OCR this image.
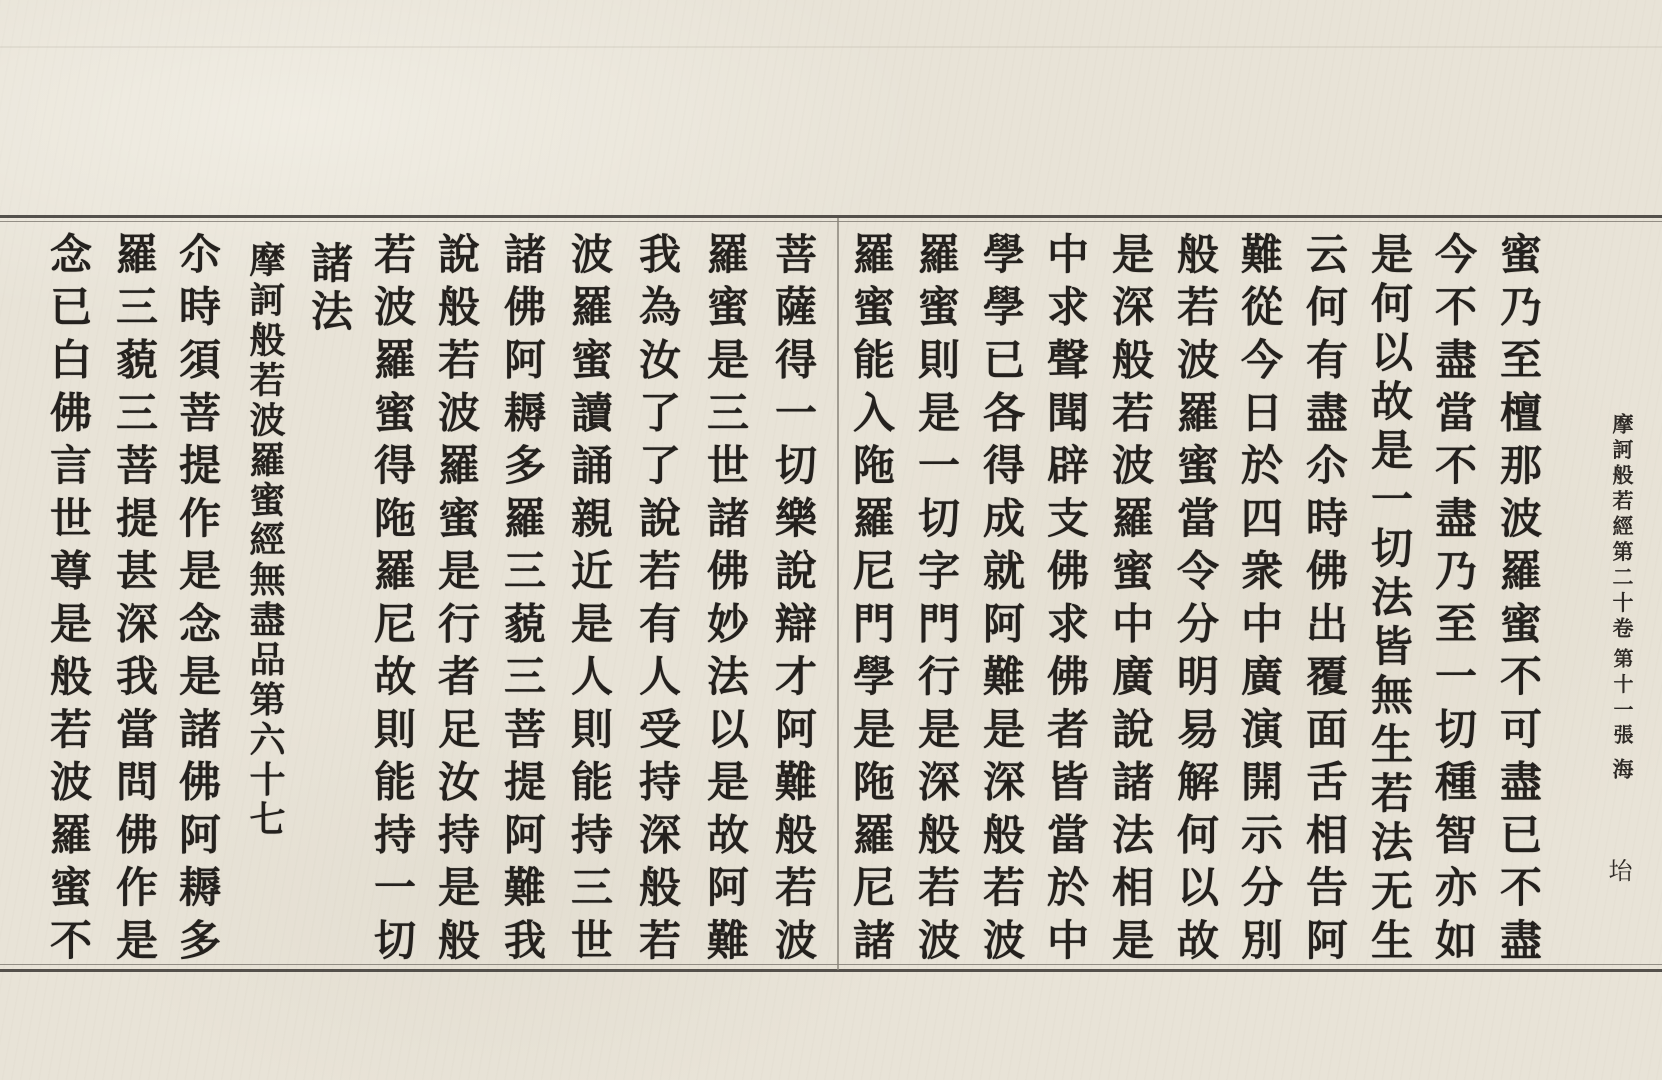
摩訶般若經第二十卷
第十一張
海
坮
蜜乃至檀那波羅蜜不可盡已不盡
今不盡當不盡乃至一切種智亦如
是何以故是一切法皆無生若法无生
云何有盡尒時佛出覆面舌相告阿
難從今日於四衆中廣演開示分別
般若波羅蜜當令分明易解何以故
是深般若波羅蜜中廣說諸法相是
中求聲聞辟支佛求佛者皆當於中
學學已各得成就阿難是深般若波
羅蜜則是一切字門行是深般若波
羅蜜能入陁羅尼門學是陁羅尼諸
菩薩得一切樂說辯才阿難般若波
羅蜜是三世諸佛妙法以是故阿難
我為汝了了說若有人受持深般若
波羅蜜讀誦親近是人則能持三世
諸佛阿耨多羅三藐三菩提阿難我
說般若波羅蜜是行者足汝持是般
若波羅蜜得陁羅尼故則能持一切
諸法
摩訶般若波羅蜜經無盡品第六十七
尒時須菩提作是念是諸佛阿耨多
羅三藐三菩提甚深我當問佛作是
念已白佛言世尊是般若波羅蜜不
